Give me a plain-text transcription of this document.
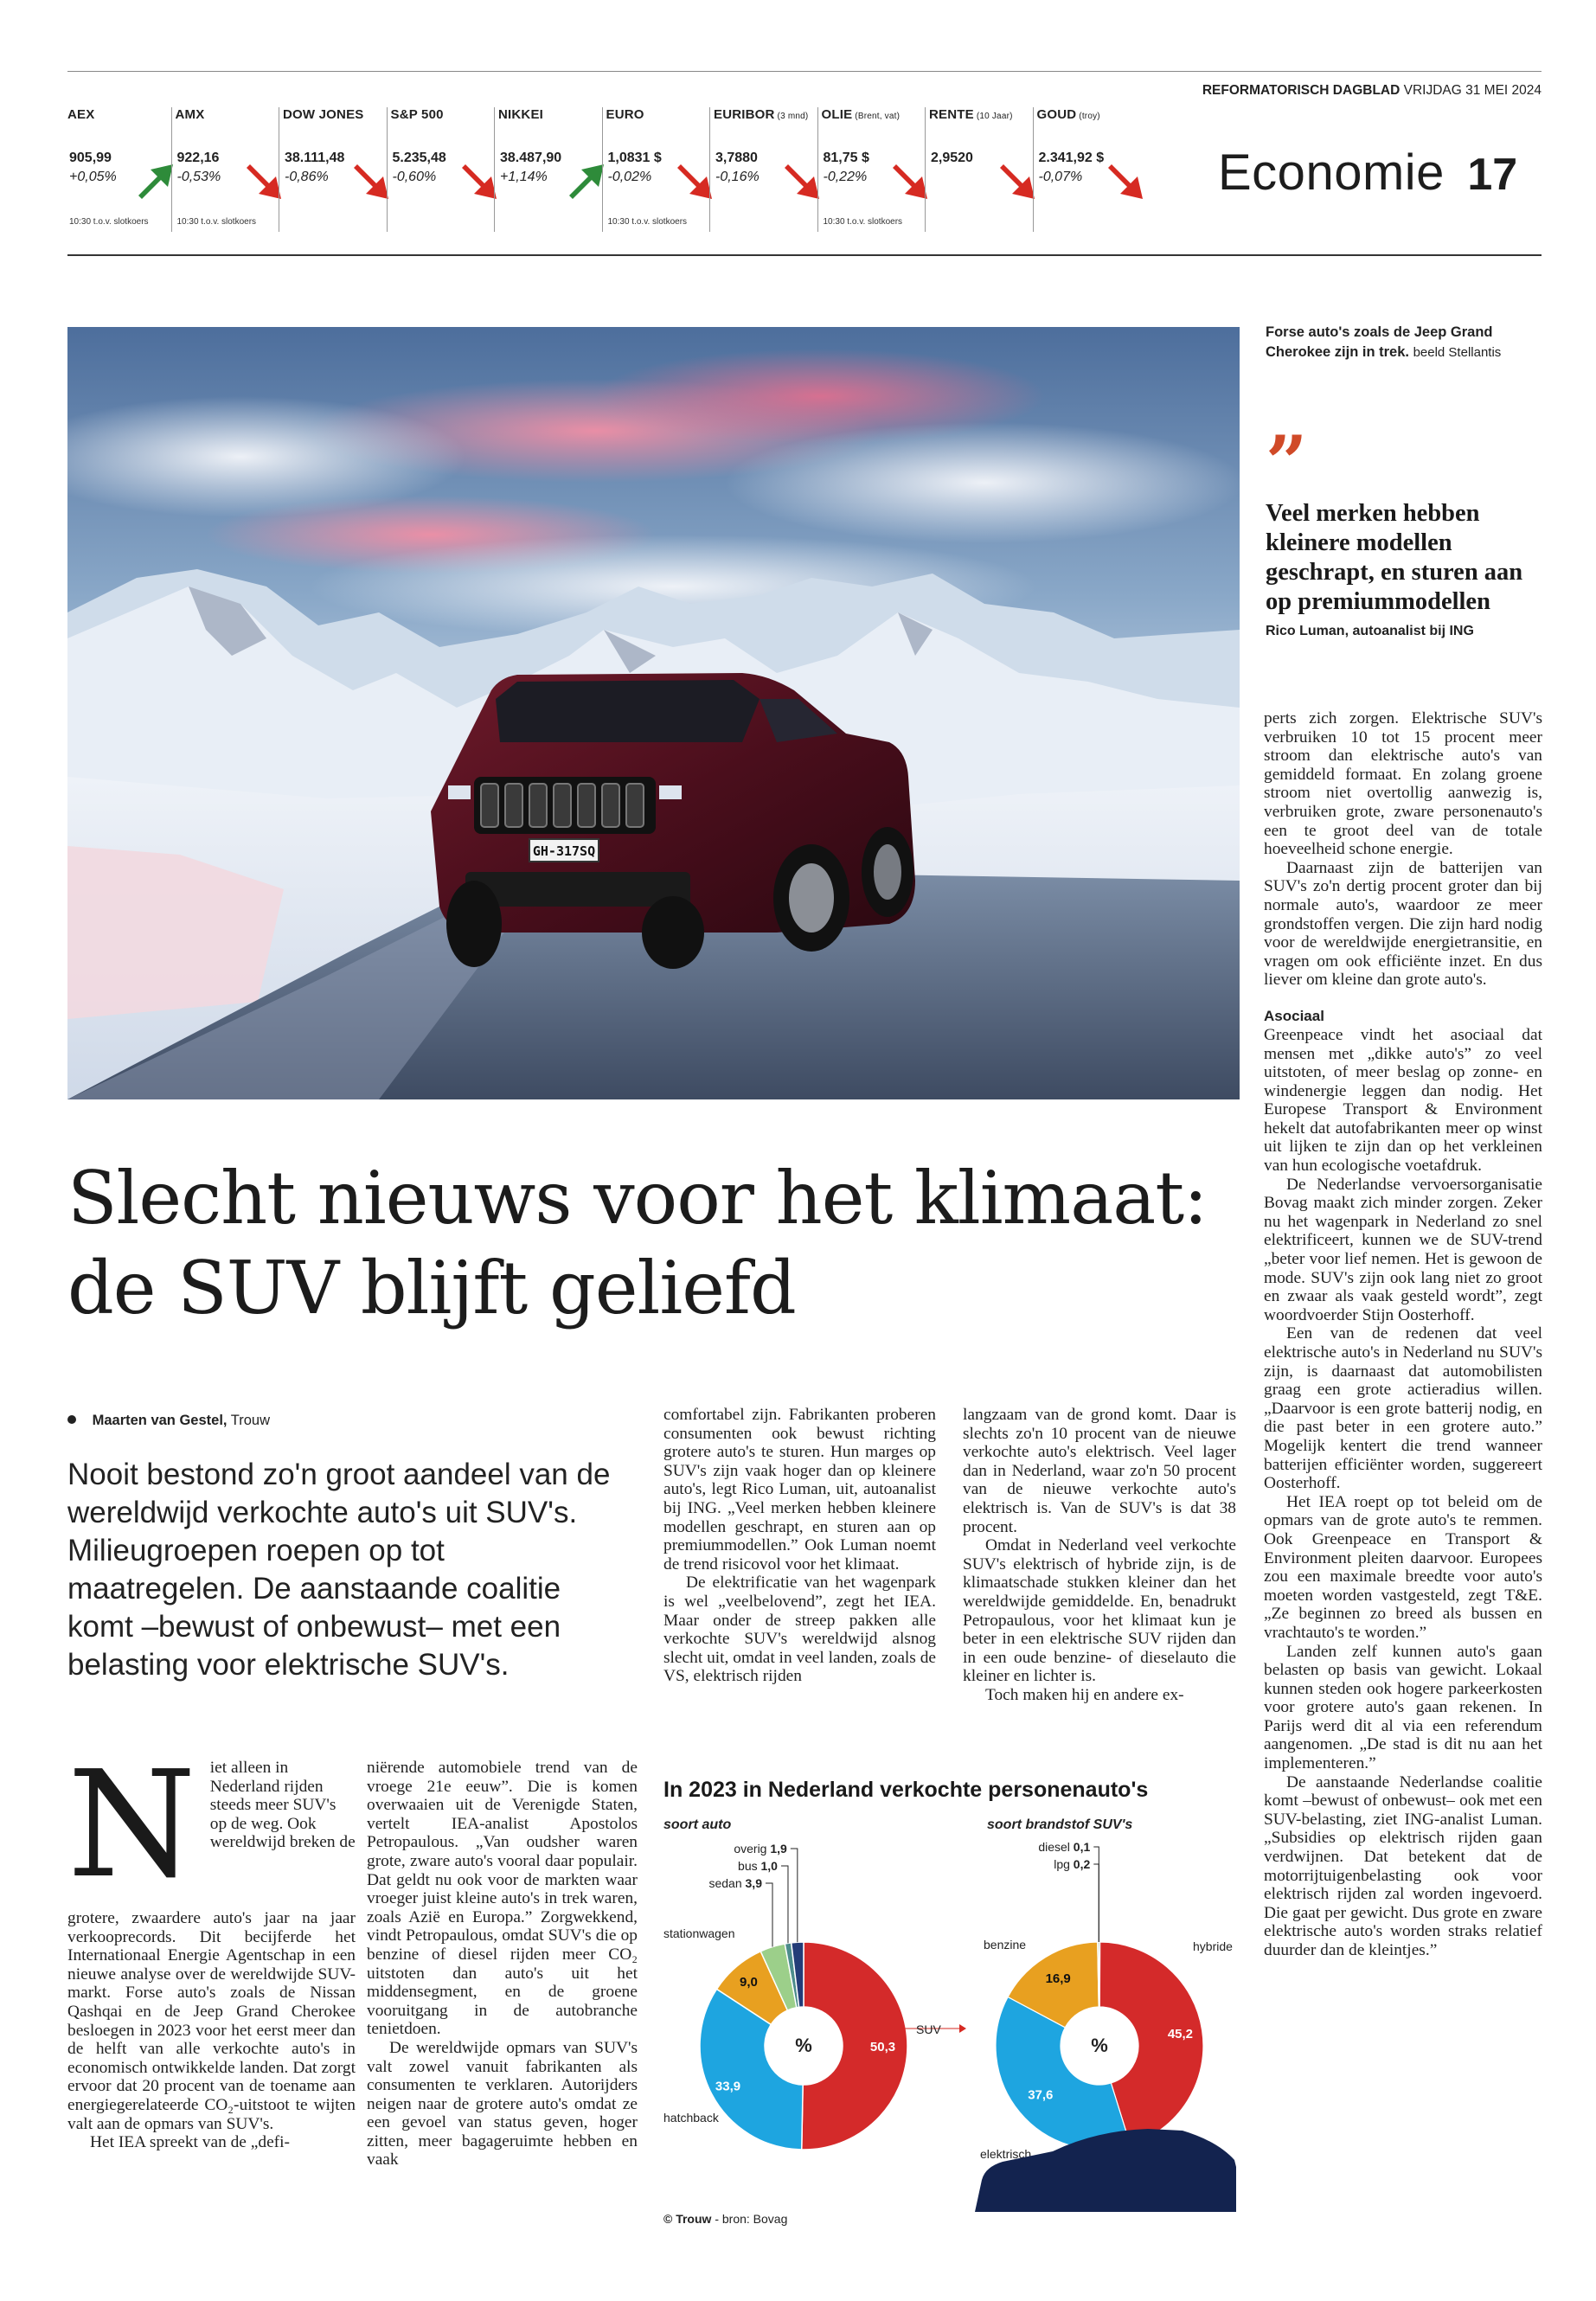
REFORMATORISCH DAGBLAD VRIJDAG 31 MEI 2024
AEX
905,99
+0,05%
10:30 t.o.v. slotkoers
AMX
922,16
-0,53%
10:30 t.o.v. slotkoers
DOW JONES
38.111,48
-0,86%
S&P 500
5.235,48
-0,60%
NIKKEI
38.487,90
+1,14%
EURO
1,0831 $
-0,02%
10:30 t.o.v. slotkoers
EURIBOR (3 mnd)
3,7880
-0,16%
OLIE (Brent, vat)
81,75 $
-0,22%
10:30 t.o.v. slotkoers
RENTE (10 Jaar)
2,9520
GOUD (troy)
2.341,92 $
-0,07%	Economie 17
GH-317SQ
Forse auto's zoals de Jeep Grand Cherokee zijn in trek. beeld Stellantis
”
Veel merken hebben kleinere modellen geschrapt, en sturen aan op premiummodellen
Rico Luman, autoanalist bij ING
Slecht nieuws voor het klimaat: de SUV blijft geliefd
Maarten van Gestel, Trouw

Nooit bestond zo'n groot aandeel van de wereldwijd verkochte auto's uit SUV's. Milieugroepen roepen op tot maatregelen. De aanstaande coalitie komt –bewust of onbewust– met een belasting voor elektrische SUV's.

N iet alleen in Nederland rijden steeds meer SUV's op de weg. Ook wereldwijd breken de

grotere, zwaardere auto's jaar na jaar verkooprecords. Dit becijferde het Internationaal Energie Agentschap in een nieuwe analyse over de wereldwijde SUV-markt. Forse auto's zoals de Nissan Qashqai en de Jeep Grand Cherokee besloegen in 2023 voor het eerst meer dan de helft van alle verkochte auto's in economisch ontwikkelde landen. Dat zorgt ervoor dat 20 procent van de toename aan energiegerelateerde CO₂-uitstoot te wijten valt aan de opmars van SUV's.

Het IEA spreekt van de „defi-

niërende automobiele trend van de vroege 21e eeuw”. Die is komen overwaaien uit de Verenigde Staten, vertelt IEA-analist Apostolos Petropaulous. „Van oudsher waren grote, zware auto's vooral daar populair. Dat geldt nu ook voor de markten waar vroeger juist kleine auto's in trek waren, zoals Azië en Europa.” Zorgwekkend, vindt Petropaulous, omdat SUV's die op benzine of diesel rijden meer CO₂ uitstoten dan auto's uit het middensegment, en de groene vooruitgang in de autobranche tenietdoen.

De wereldwijde opmars van SUV's valt zowel vanuit fabrikanten als consumenten te verklaren. Autorijders neigen naar de grotere auto's omdat ze een gevoel van status geven, hoger zitten, meer bagageruimte hebben en vaak

comfortabel zijn. Fabrikanten proberen consumenten ook bewust richting grotere auto's te sturen. Hun marges op SUV's zijn vaak hoger dan op kleinere auto's, legt Rico Luman, uit, autoanalist bij ING. „Veel merken hebben kleinere modellen geschrapt, en sturen aan op premiummodellen.” Ook Luman noemt de trend risicovol voor het klimaat.

De elektrificatie van het wagenpark is wel „veelbelovend”, zegt het IEA. Maar onder de streep pakken alle verkochte SUV's wereldwijd alsnog slecht uit, omdat in veel landen, zoals de VS, elektrisch rijden

langzaam van de grond komt. Daar is slechts zo'n 10 procent van de nieuwe verkochte auto's elektrisch. Veel lager dan in Nederland, waar zo'n 50 procent van de nieuwe verkochte auto's elektrisch is. Van de SUV's is dat 38 procent.

Omdat in Nederland veel verkochte SUV's elektrisch of hybride zijn, is de klimaatschade stukken kleiner dan het wereldwijde gemiddelde. En, benadrukt Petropaulous, voor het klimaat kun je beter in een elektrische SUV rijden dan in een oude benzine- of dieselauto die kleiner en lichter is.

Toch maken hij en andere ex-

perts zich zorgen. Elektrische SUV's verbruiken 10 tot 15 procent meer stroom dan elektrische auto's van gemiddeld formaat. En zolang groene stroom niet overtollig aanwezig is, verbruiken grote, zware personenauto's een te groot deel van de totale hoeveelheid schone energie.

Daarnaast zijn de batterijen van SUV's zo'n dertig procent groter dan bij normale auto's, waardoor ze meer grondstoffen vergen. Die zijn hard nodig voor de wereldwijde energietransitie, en vragen om ook efficiënte inzet. En dus liever om kleine dan grote auto's.

Asociaal

Greenpeace vindt het asociaal dat mensen met „dikke auto's” zo veel uitstoten, of meer beslag op zonne- en windenergie leggen dan nodig. Het Europese Transport & Environment hekelt dat autofabrikanten meer op winst uit lijken te zijn dan op het verkleinen van hun ecologische voetafdruk.

De Nederlandse vervoersorganisatie Bovag maakt zich minder zorgen. Zeker nu het wagenpark in Nederland zo snel elektrificeert, kunnen we de SUV-trend „beter voor lief nemen. Het is gewoon de mode. SUV's zijn ook lang niet zo groot en zwaar als vaak gesteld wordt”, zegt woordvoerder Stijn Oosterhoff.

Een van de redenen dat veel elektrische auto's in Nederland nu SUV's zijn, is daarnaast dat automobilisten graag een grote actieradius willen. „Daarvoor is een grote batterij nodig, en die past beter in een grotere auto.” Mogelijk kentert die trend wanneer batterijen efficiënter worden, suggereert Oosterhoff.

Het IEA roept op tot beleid om de opmars van de grote auto's te remmen. Ook Greenpeace en Transport & Environment pleiten daarvoor. Europees zou een maximale breedte voor auto's moeten worden vastgesteld, zegt T&E. „Ze beginnen zo breed als bussen en vrachtauto's te worden.”

Landen zelf kunnen auto's gaan belasten op basis van gewicht. Lokaal kunnen steden ook hogere parkeerkosten voor grotere auto's gaan rekenen. In Parijs werd dit al via een referendum aangenomen. „De stad is dit nu aan het implementeren.”

De aanstaande Nederlandse coalitie komt –bewust of onbewust– ook met een SUV-belasting, ziet ING-analist Luman. „Subsidies op elektrisch rijden gaan verdwijnen. Dat betekent dat de motorrijtuigenbelasting ook voor elektrisch rijden zal worden ingevoerd. Die gaat per gewicht. Dus grote en zware elektrische auto's worden straks relatief duurder dan de kleintjes.”

In 2023 in Nederland verkochte personenauto's
soort auto	soort brandstof SUV's
%	50,3
33,9
9,0
stationwagen
hatchback
SUV
overig 1,9
bus 1,0
sedan 3,9
%
45,2
37,6
16,9
hybride
elektrisch
benzine
diesel 0,1
lpg 0,2
© Trouw - bron: Bovag
